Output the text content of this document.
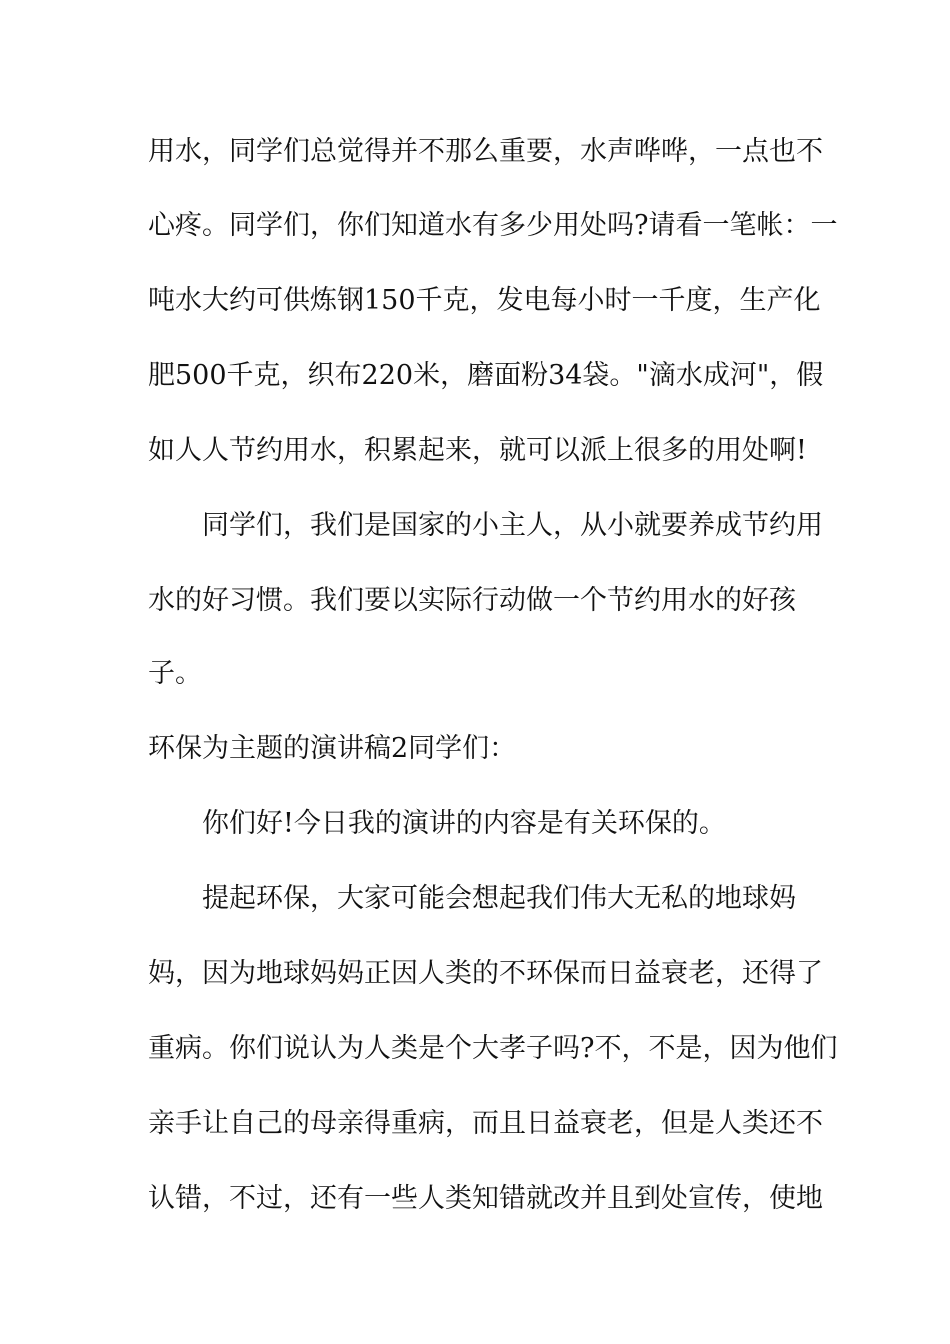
用水，同学们总觉得并不那么重要，水声哗哗，一点也不
心疼。同学们，你们知道水有多少用处吗?请看一笔帐：一
吨水大约可供炼钢150千克，发电每小时一千度，生产化
肥500千克，织布220米，磨面粉34袋。"滴水成河"，假
如人人节约用水，积累起来，就可以派上很多的用处啊!
同学们，我们是国家的小主人，从小就要养成节约用
水的好习惯。我们要以实际行动做一个节约用水的好孩
子。
环保为主题的演讲稿2同学们：
你们好!今日我的演讲的内容是有关环保的。
提起环保，大家可能会想起我们伟大无私的地球妈
妈，因为地球妈妈正因人类的不环保而日益衰老，还得了
重病。你们说认为人类是个大孝子吗?不，不是，因为他们
亲手让自己的母亲得重病，而且日益衰老，但是人类还不
认错，不过，还有一些人类知错就改并且到处宣传，使地
